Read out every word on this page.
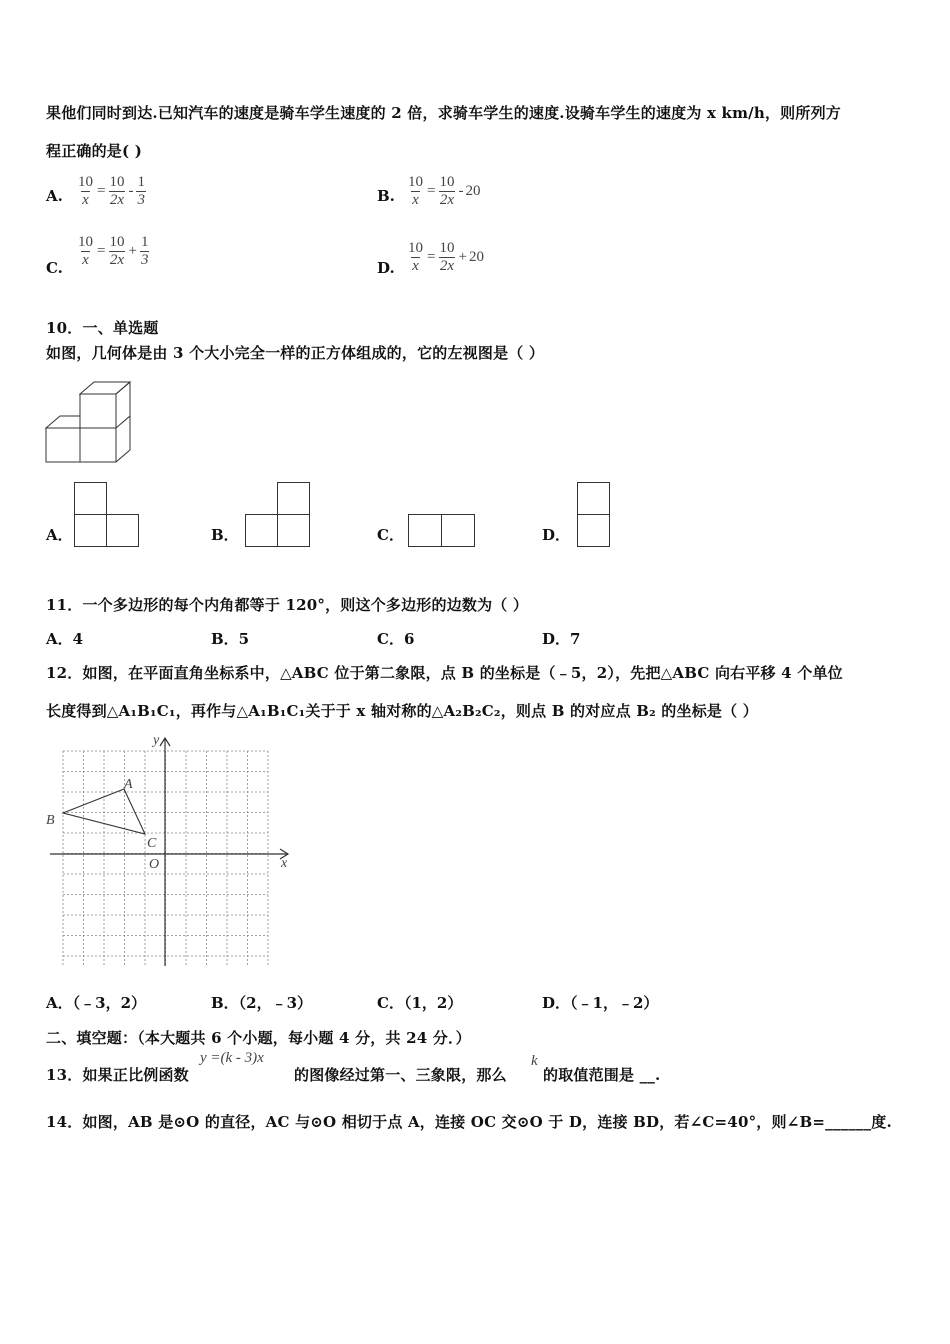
果他们同时到达.已知汽车的速度是骑车学生速度的 2 倍，求骑车学生的速度.设骑车学生的速度为 x km/h，则所列方
程正确的是( )
A. $\frac{10}{x} = \frac{10}{2x}$ -
1
3	B. $\frac{10}{x} = \frac{10}{2x} - 20$
C. $\frac{10}{x} = \frac{10}{2x} + \frac{1}{3}$	D. $\frac{10}{x} = \frac{10}{2x} + 20$
10．一、单选题
如图，几何体是由 3 个大小完全一样的正方体组成的，它的左视图是（ ）
A．	B．	C．	D．
11．一个多边形的每个内角都等于 120°，则这个多边形的边数为（ ）
A．4	B．5	C．6	D．7
12．如图，在平面直角坐标系中，△ABC 位于第二象限，点 B 的坐标是（﹣5，2），先把△ABC 向右平移 4 个单位
长度得到△A₁B₁C₁，再作与△A₁B₁C₁关于于 x 轴对称的△A₂B₂C₂，则点 B 的对应点 B₂ 的坐标是（ ）
y
x
A
B
C
O
A．（﹣3，2）	B．（2，﹣3）	C．（1，2）	D．（﹣1，﹣2）
二、填空题：（本大题共 6 个小题，每小题 4 分，共 24 分．）
13．如果正比例函数
y =(k - 3)x
的图像经过第一、三象限，那么
k
的取值范围是 __.
14．如图，AB 是⊙O 的直径，AC 与⊙O 相切于点 A，连接 OC 交⊙O 于 D，连接 BD，若∠C=40°，则∠B=______度.
